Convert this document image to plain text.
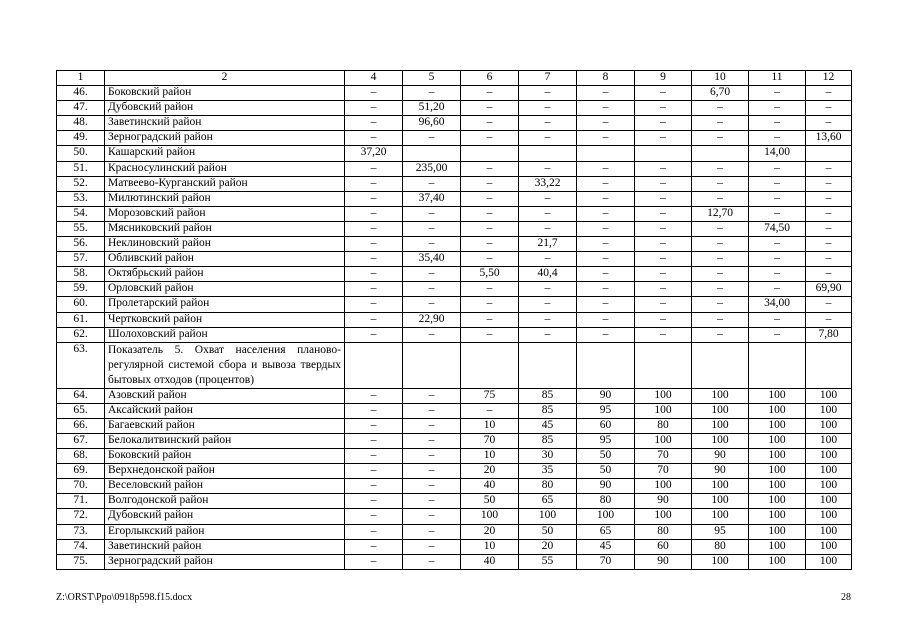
1	2	4	5	6	7	8	9	10	11	12
46.	Боковский район	–	–	–	–	–	–	6,70	–	–
47.	Дубовский район	–	51,20	–	–	–	–	–	–	–
48.	Заветинский район	–	96,60	–	–	–	–	–	–	–
49.	Зерноградский район	–	–	–	–	–	–	–	–	13,60
50.	Кашарский район	37,20							14,00	
51.	Красносулинский район	–	235,00	–	–	–	–	–	–	–
52.	Матвеево-Курганский район	–	–	–	33,22	–	–	–	–	–
53.	Милютинский район	–	37,40	–	–	–	–	–	–	–
54.	Морозовский район	–	–	–	–	–	–	12,70	–	–
55.	Мясниковский район	–	–	–	–	–	–	–	74,50	–
56.	Неклиновский район	–	–	–	21,7	–	–	–	–	–
57.	Обливский район	–	35,40	–	–	–	–	–	–	–
58.	Октябрьский район	–	–	5,50	40,4	–	–	–	–	–
59.	Орловский район	–	–	–	–	–	–	–	–	69,90
60.	Пролетарский район	–	–	–	–	–	–	–	34,00	–
61.	Чертковский район	–	22,90	–	–	–	–	–	–	–
62.	Шолоховский район	–	–	–	–	–	–	–	–	7,80
63.	Показатель 5. Охват населения планово-регулярной системой сбора и вывоза твердых бытовых отходов (процентов)									
64.	Азовский район	–	–	75	85	90	100	100	100	100
65.	Аксайский район	–	–	–	85	95	100	100	100	100
66.	Багаевский район	–	–	10	45	60	80	100	100	100
67.	Белокалитвинский район	–	–	70	85	95	100	100	100	100
68.	Боковский район	–	–	10	30	50	70	90	100	100
69.	Верхнедонской район	–	–	20	35	50	70	90	100	100
70.	Веселовский район	–	–	40	80	90	100	100	100	100
71.	Волгодонской район	–	–	50	65	80	90	100	100	100
72.	Дубовский район	–	–	100	100	100	100	100	100	100
73.	Егорлыкский район	–	–	20	50	65	80	95	100	100
74.	Заветинский район	–	–	10	20	45	60	80	100	100
75.	Зерноградский район	–	–	40	55	70	90	100	100	100
Z:\ORST\Ppo\0918p598.f15.docx	28
